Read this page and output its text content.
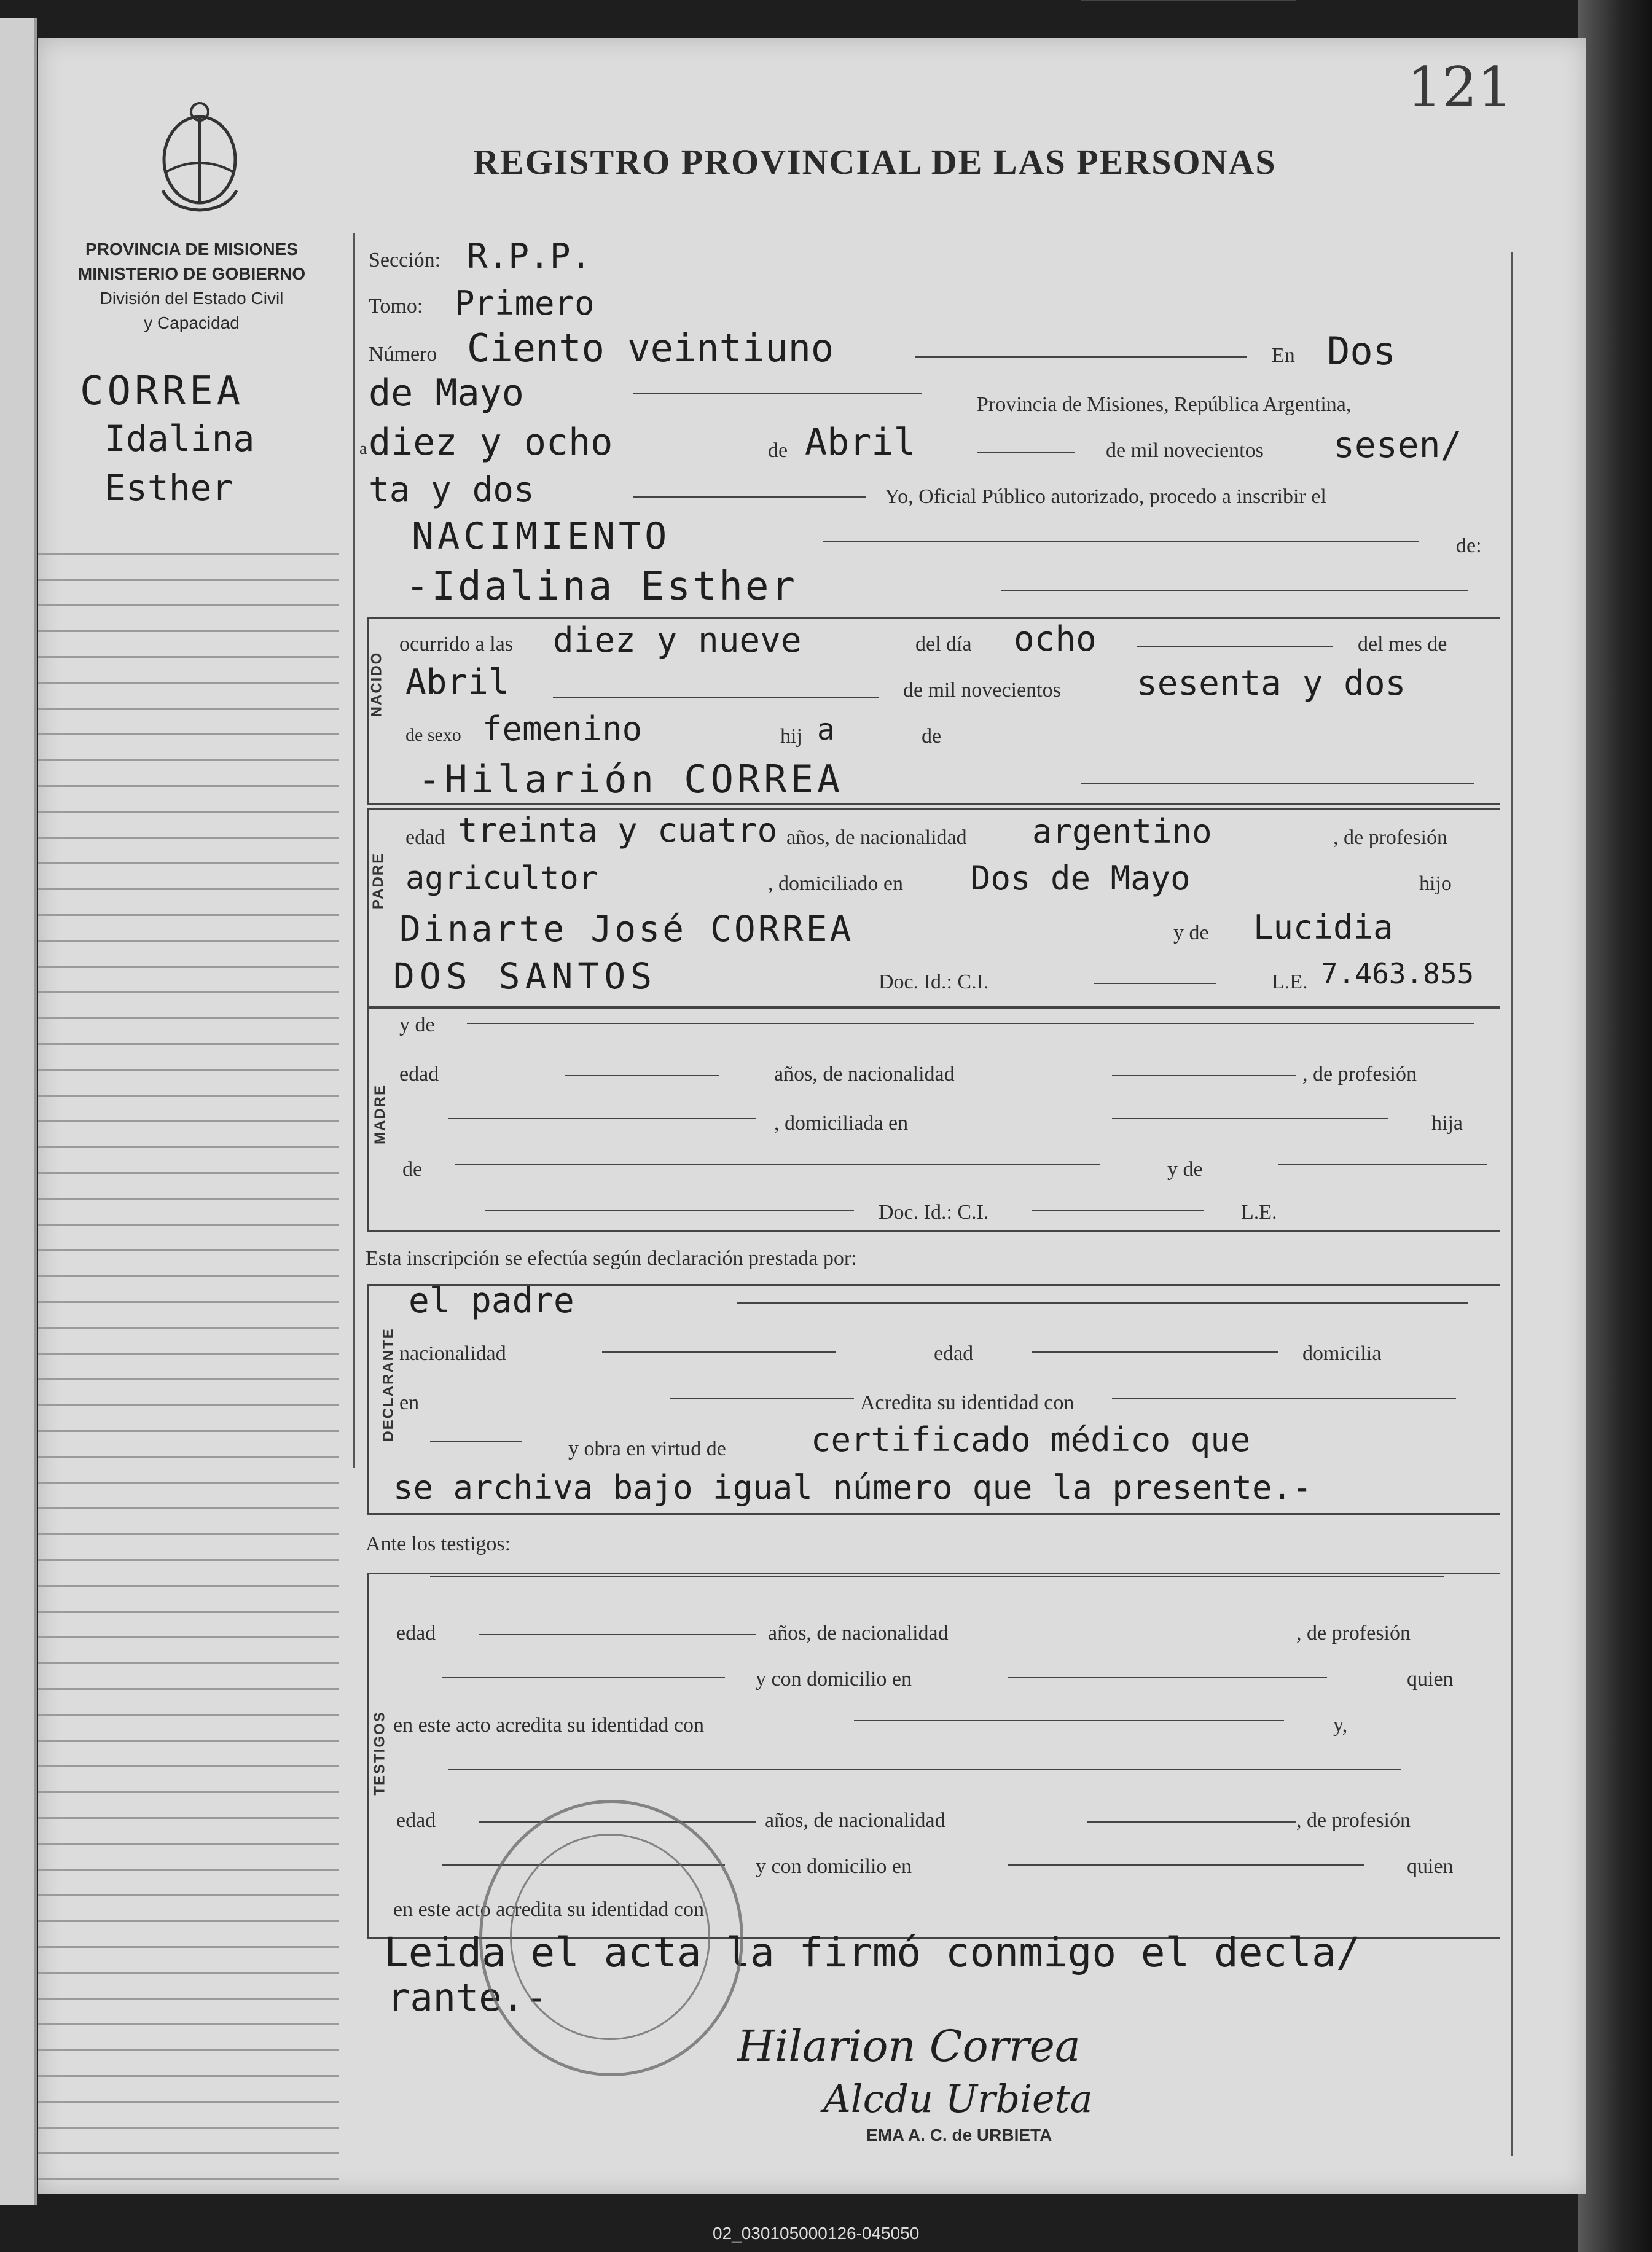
121
REGISTRO PROVINCIAL DE LAS PERSONAS
PROVINCIA DE MISIONES
MINISTERIO DE GOBIERNO
División del Estado Civil
y Capacidad
CORREA
Idalina
Esther
NACIDO
PADRE
MADRE
DECLARANTE
TESTIGOS
Sección: R.P.P.
Tomo: Primero
Número Ciento veintiuno	En Dos
de Mayo	Provincia de Misiones, República Argentina,
a diez y ocho	de Abril	de mil novecientos sesen/
ta y dos	Yo, Oficial Público autorizado, procedo a inscribir el
NACIMIENTO	de:
-Idalina Esther
ocurrido a las diez y nueve	del día ocho	del mes de
Abril	de mil novecientos sesenta y dos
de sexo femenino	hij a	de
-Hilarión CORREA
edad treinta y cuatro años, de nacionalidad argentino	, de profesión
agricultor	, domiciliado en Dos de Mayo	hijo
Dinarte José CORREA	y de Lucidia
DOS SANTOS	Doc. Id.: C.I.	L.E. 7.463.855
y de
edad	años, de nacionalidad	, de profesión
, domiciliada en	hija
de	y de
Doc. Id.: C.I.	L.E.
Esta inscripción se efectúa según declaración prestada por:
el padre
nacionalidad	edad	domicilia
en	Acredita su identidad con
y obra en virtud de	certificado médico que
se archiva bajo igual número que la presente.-
Ante los testigos:
edad	años, de nacionalidad	, de profesión
y con domicilio en	quien
en este acto acredita su identidad con	y,
edad	años, de nacionalidad	, de profesión
y con domicilio en	quien
en este acto acredita su identidad con
Leida el acta la firmó conmigo el decla/
rante.-
Hilarion Correa
Alcdu Urbieta
EMA A. C. de URBIETA
02_030105000126-045050
